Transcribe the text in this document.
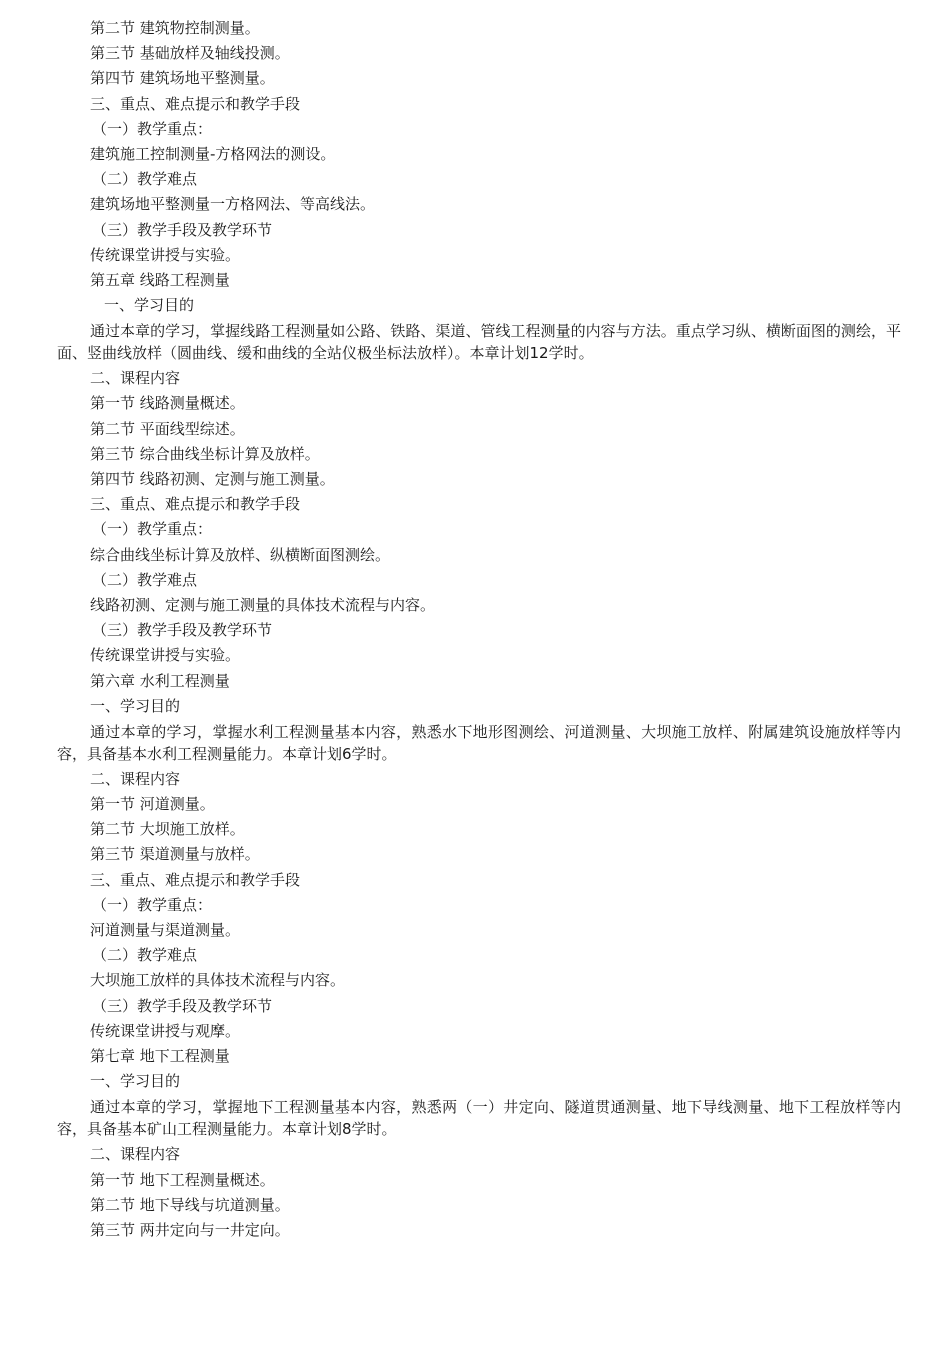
第二节 建筑物控制测量。
第三节 基础放样及轴线投测。
第四节 建筑场地平整测量。
三、重点、难点提示和教学手段
（一）教学重点：
建筑施工控制测量-方格网法的测设。
（二）教学难点
建筑场地平整测量一方格网法、等高线法。
（三）教学手段及教学环节
传统课堂讲授与实验。
第五章 线路工程测量
一、学习目的
通过本章的学习，掌握线路工程测量如公路、铁路、渠道、管线工程测量的内容与方法。重点学习纵、横断面图的测绘，平面、竖曲线放样（圆曲线、缓和曲线的全站仪极坐标法放样）。本章计划12学时。
二、课程内容
第一节 线路测量概述。
第二节 平面线型综述。
第三节 综合曲线坐标计算及放样。
第四节 线路初测、定测与施工测量。
三、重点、难点提示和教学手段
（一）教学重点：
综合曲线坐标计算及放样、纵横断面图测绘。
（二）教学难点
线路初测、定测与施工测量的具体技术流程与内容。
（三）教学手段及教学环节
传统课堂讲授与实验。
第六章 水利工程测量
一、学习目的
通过本章的学习，掌握水利工程测量基本内容，熟悉水下地形图测绘、河道测量、大坝施工放样、附属建筑设施放样等内容，具备基本水利工程测量能力。本章计划6学时。
二、课程内容
第一节 河道测量。
第二节 大坝施工放样。
第三节 渠道测量与放样。
三、重点、难点提示和教学手段
（一）教学重点：
河道测量与渠道测量。
（二）教学难点
大坝施工放样的具体技术流程与内容。
（三）教学手段及教学环节
传统课堂讲授与观摩。
第七章 地下工程测量
一、学习目的
通过本章的学习，掌握地下工程测量基本内容，熟悉两（一）井定向、隧道贯通测量、地下导线测量、地下工程放样等内容，具备基本矿山工程测量能力。本章计划8学时。
二、课程内容
第一节 地下工程测量概述。
第二节 地下导线与坑道测量。
第三节 两井定向与一井定向。
